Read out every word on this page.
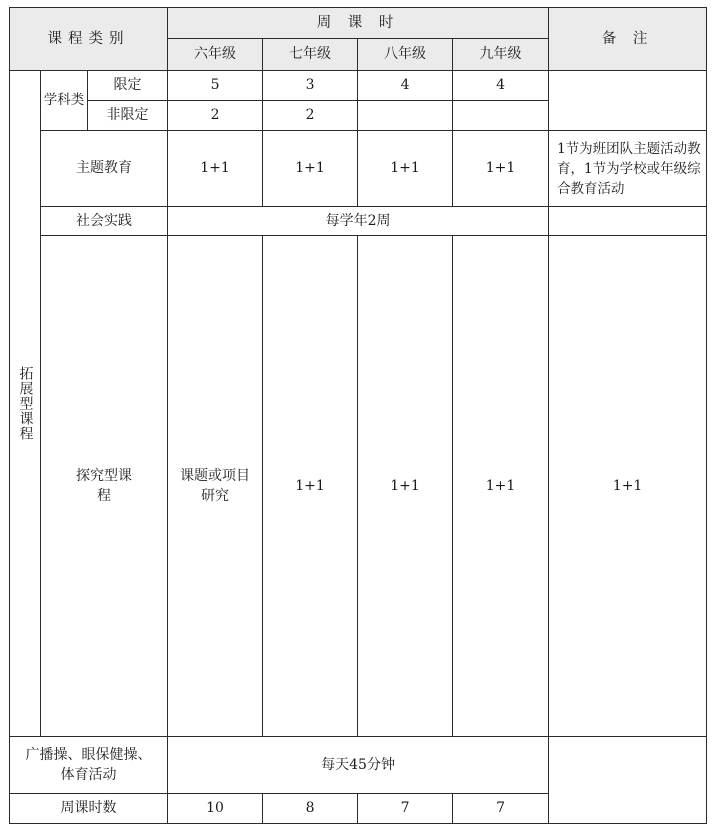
课程类别			周 课 时				备 注	
			六年级	七年级	八年级	九年级		

拓展型课程	学科类	限定	5	3	4	4		
		非限定	2	2				
	主题教育		1+1	1+1	1+1	1+1	1节为班团队主题活动教育，1节为学校或年级综合教育活动	
	社会实践		每学年2周					

	探究型课程		课题或项目研究	1+1	1+1	1+1	1+1	

广播操、眼保健操、体育活动			每天45分钟					
周课时数			10	8	7	7		
